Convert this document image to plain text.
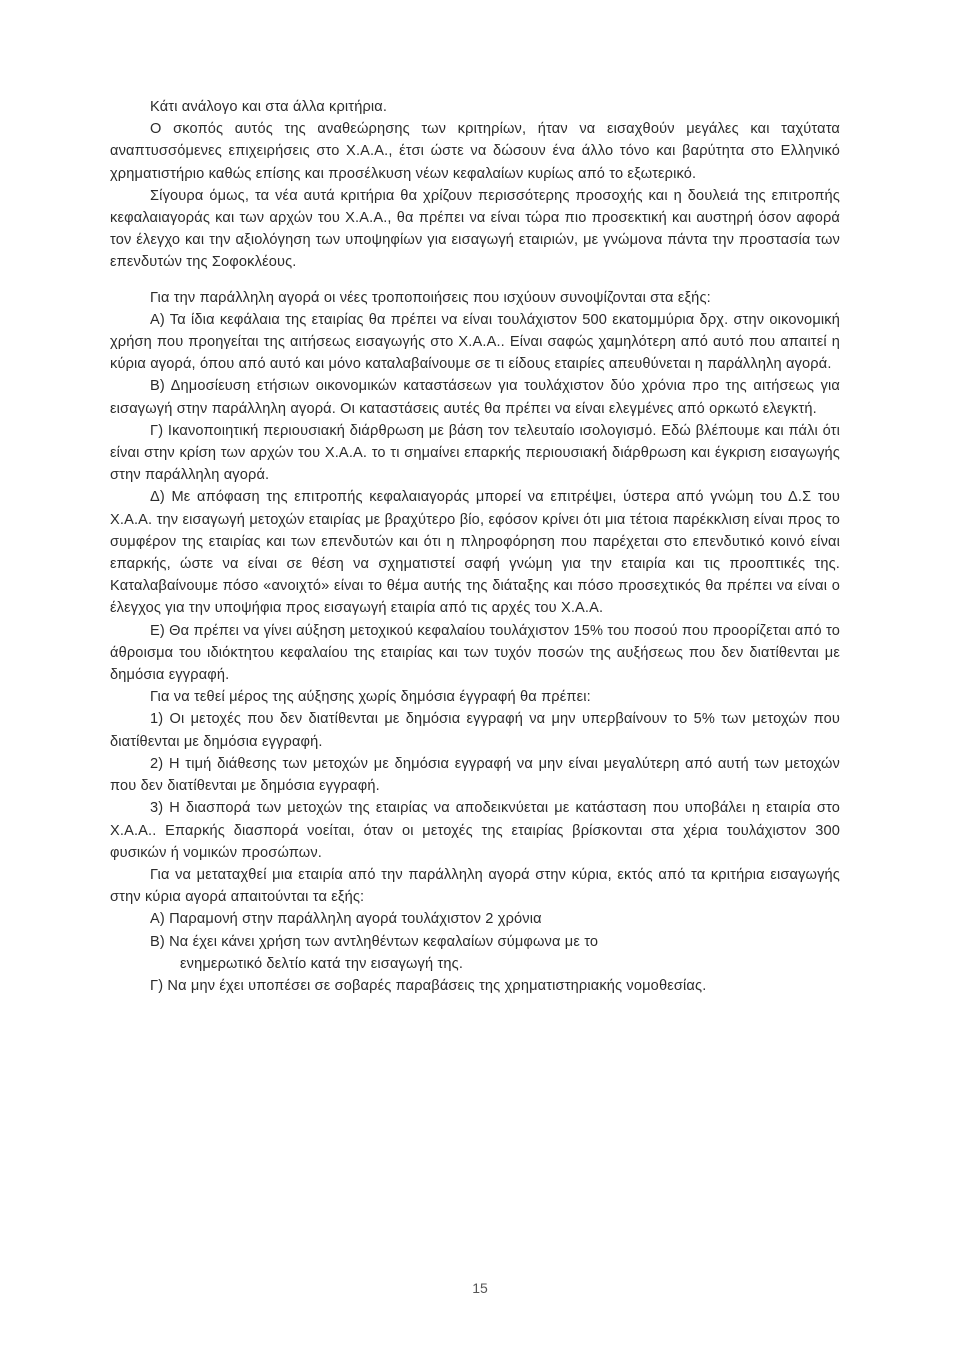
Κάτι ανάλογο και στα άλλα κριτήρια.

Ο σκοπός αυτός της αναθεώρησης των κριτηρίων, ήταν να εισαχθούν μεγάλες και ταχύτατα αναπτυσσόμενες επιχειρήσεις στο Χ.Α.Α., έτσι ώστε να δώσουν ένα άλλο τόνο και βαρύτητα στο Ελληνικό χρηματιστήριο καθώς επίσης και προσέλκυση νέων κεφαλαίων κυρίως από το εξωτερικό.

Σίγουρα όμως, τα νέα αυτά κριτήρια θα χρίζουν περισσότερης προσοχής και η δουλειά της επιτροπής κεφαλαιαγοράς και των αρχών του Χ.Α.Α., θα πρέπει να είναι τώρα πιο προσεκτική και αυστηρή όσον αφορά τον έλεγχο και την αξιολόγηση των υποψηφίων για εισαγωγή εταιριών, με γνώμονα πάντα την προστασία των επενδυτών της Σοφοκλέους.

Για την παράλληλη αγορά οι νέες τροποποιήσεις που ισχύουν συνοψίζονται στα εξής:

Α) Τα ίδια κεφάλαια της εταιρίας θα πρέπει να είναι τουλάχιστον 500 εκατομμύρια δρχ. στην οικονομική χρήση που προηγείται της αιτήσεως εισαγωγής στο Χ.Α.Α.. Είναι σαφώς χαμηλότερη από αυτό που απαιτεί η κύρια αγορά, όπου από αυτό και μόνο καταλαβαίνουμε σε τι είδους εταιρίες απευθύνεται η παράλληλη αγορά.

Β) Δημοσίευση ετήσιων οικονομικών καταστάσεων για τουλάχιστον δύο χρόνια προ της αιτήσεως για εισαγωγή στην παράλληλη αγορά. Οι καταστάσεις αυτές θα πρέπει να είναι ελεγμένες από ορκωτό ελεγκτή.

Γ) Ικανοποιητική περιουσιακή διάρθρωση με βάση τον τελευταίο ισολογισμό. Εδώ βλέπουμε και πάλι ότι είναι στην κρίση των αρχών του Χ.Α.Α. το τι σημαίνει επαρκής περιουσιακή διάρθρωση και έγκριση εισαγωγής στην παράλληλη αγορά.

Δ) Με απόφαση της επιτροπής κεφαλαιαγοράς μπορεί να επιτρέψει, ύστερα από γνώμη του Δ.Σ του Χ.Α.Α. την εισαγωγή μετοχών εταιρίας με βραχύτερο βίο, εφόσον κρίνει ότι μια τέτοια παρέκκλιση είναι προς το συμφέρον της εταιρίας και των επενδυτών και ότι η πληροφόρηση που παρέχεται στο επενδυτικό κοινό είναι επαρκής, ώστε να είναι σε θέση να σχηματιστεί σαφή γνώμη για την εταιρία και τις προοπτικές της. Καταλαβαίνουμε πόσο «ανοιχτό» είναι το θέμα αυτής της διάταξης και πόσο προσεχτικός θα πρέπει να είναι ο έλεγχος για την υποψήφια προς εισαγωγή εταιρία από τις αρχές του Χ.Α.Α.

Ε) Θα πρέπει να γίνει αύξηση μετοχικού κεφαλαίου τουλάχιστον 15% του ποσού που προορίζεται από το άθροισμα του ιδιόκτητου κεφαλαίου της εταιρίας και των τυχόν ποσών της αυξήσεως που δεν διατίθενται με δημόσια εγγραφή.

Για να τεθεί μέρος της αύξησης χωρίς δημόσια έγγραφή θα πρέπει:

1) Οι μετοχές που δεν διατίθενται με δημόσια εγγραφή να μην υπερβαίνουν το 5% των μετοχών που διατίθενται με δημόσια εγγραφή.

2) Η τιμή διάθεσης των μετοχών με δημόσια εγγραφή να μην είναι μεγαλύτερη από αυτή των μετοχών που δεν διατίθενται με δημόσια εγγραφή.

3) Η διασπορά των μετοχών της εταιρίας να αποδεικνύεται με κατάσταση που υποβάλει η εταιρία στο Χ.Α.Α.. Επαρκής διασπορά νοείται, όταν οι μετοχές της εταιρίας βρίσκονται στα χέρια τουλάχιστον 300 φυσικών ή νομικών προσώπων.

Για να μεταταχθεί μια εταιρία από την παράλληλη αγορά στην κύρια, εκτός από τα κριτήρια εισαγωγής στην κύρια αγορά απαιτούνται τα εξής:

Α) Παραμονή στην παράλληλη αγορά τουλάχιστον 2 χρόνια

Β) Να έχει κάνει χρήση των αντληθέντων κεφαλαίων σύμφωνα με το

ενημερωτικό δελτίο κατά την εισαγωγή της.

Γ) Να μην έχει υποπέσει σε σοβαρές παραβάσεις της χρηματιστηριακής νομοθεσίας.

15
